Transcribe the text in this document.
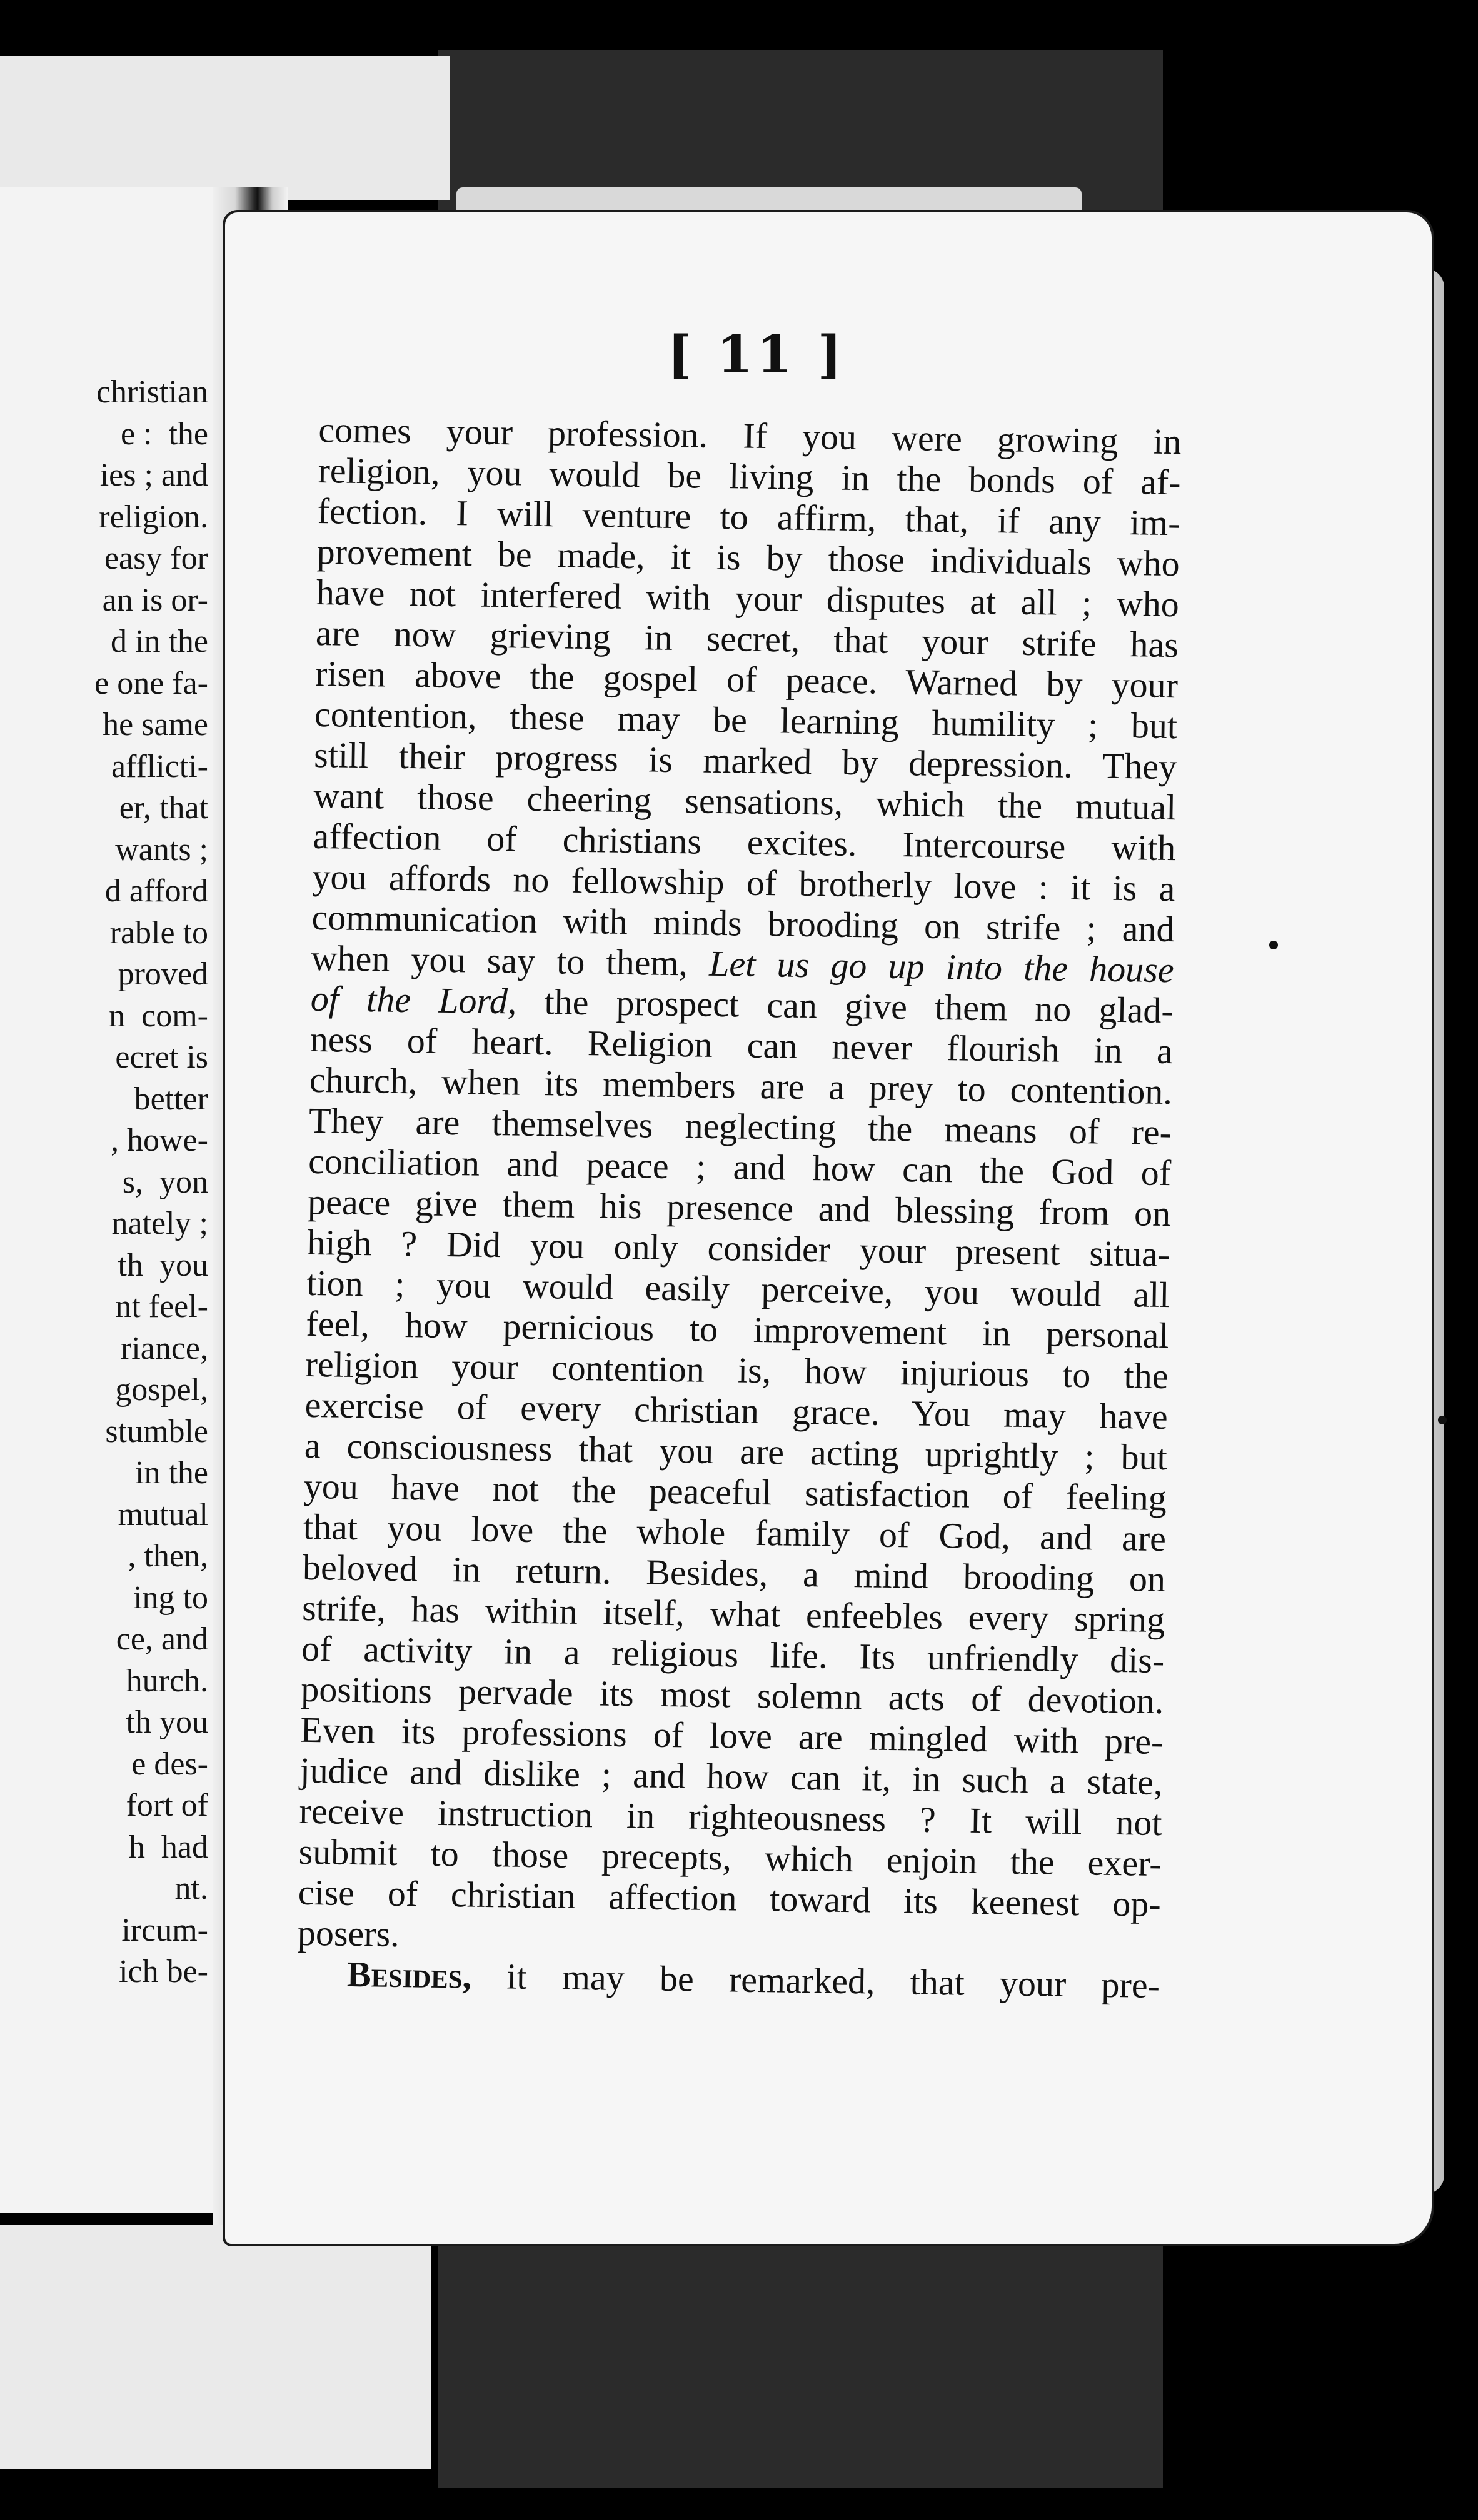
christian
e :  the
ies ; and
religion.
easy for
an is or-
d in the
e one fa-
he same
afflicti-
er, that
wants ;
d afford
rable to
proved
n  com-
ecret is
better
, howe-
s,  yon
nately ;
th  you
nt feel-
riance,
gospel,
stumble
in the
mutual
, then,
ing to
ce, and
hurch.
th you
e des-
fort of
h  had
nt.
ircum-
ich be-
[ 11 ]
comes your profession. If you were growing in
religion, you would be living in the bonds of af-
fection. I will venture to affirm, that, if any im-
provement be made, it is by those individuals who
have not interfered with your disputes at all ; who
are now grieving in secret, that your strife has
risen above the gospel of peace. Warned by your
contention, these may be learning humility ; but
still their progress is marked by depression. They
want those cheering sensations, which the mutual
affection of christians excites. Intercourse with
you affords no fellowship of brotherly love : it is a
communication with minds brooding on strife ; and
when you say to them, Let us go up into the house
of the Lord, the prospect can give them no glad-
ness of heart. Religion can never flourish in a
church, when its members are a prey to contention.
They are themselves neglecting the means of re-
conciliation and peace ; and how can the God of
peace give them his presence and blessing from on
high ? Did you only consider your present situa-
tion ; you would easily perceive, you would all
feel, how pernicious to improvement in personal
religion your contention is, how injurious to the
exercise of every christian grace. You may have
a consciousness that you are acting uprightly ; but
you have not the peaceful satisfaction of feeling
that you love the whole family of God, and are
beloved in return. Besides, a mind brooding on
strife, has within itself, what enfeebles every spring
of activity in a religious life. Its unfriendly dis-
positions pervade its most solemn acts of devotion.
Even its professions of love are mingled with pre-
judice and dislike ; and how can it, in such a state,
receive instruction in righteousness ? It will not
submit to those precepts, which enjoin the exer-
cise of christian affection toward its keenest op-
posers.
Besides, it may be remarked, that your pre-
